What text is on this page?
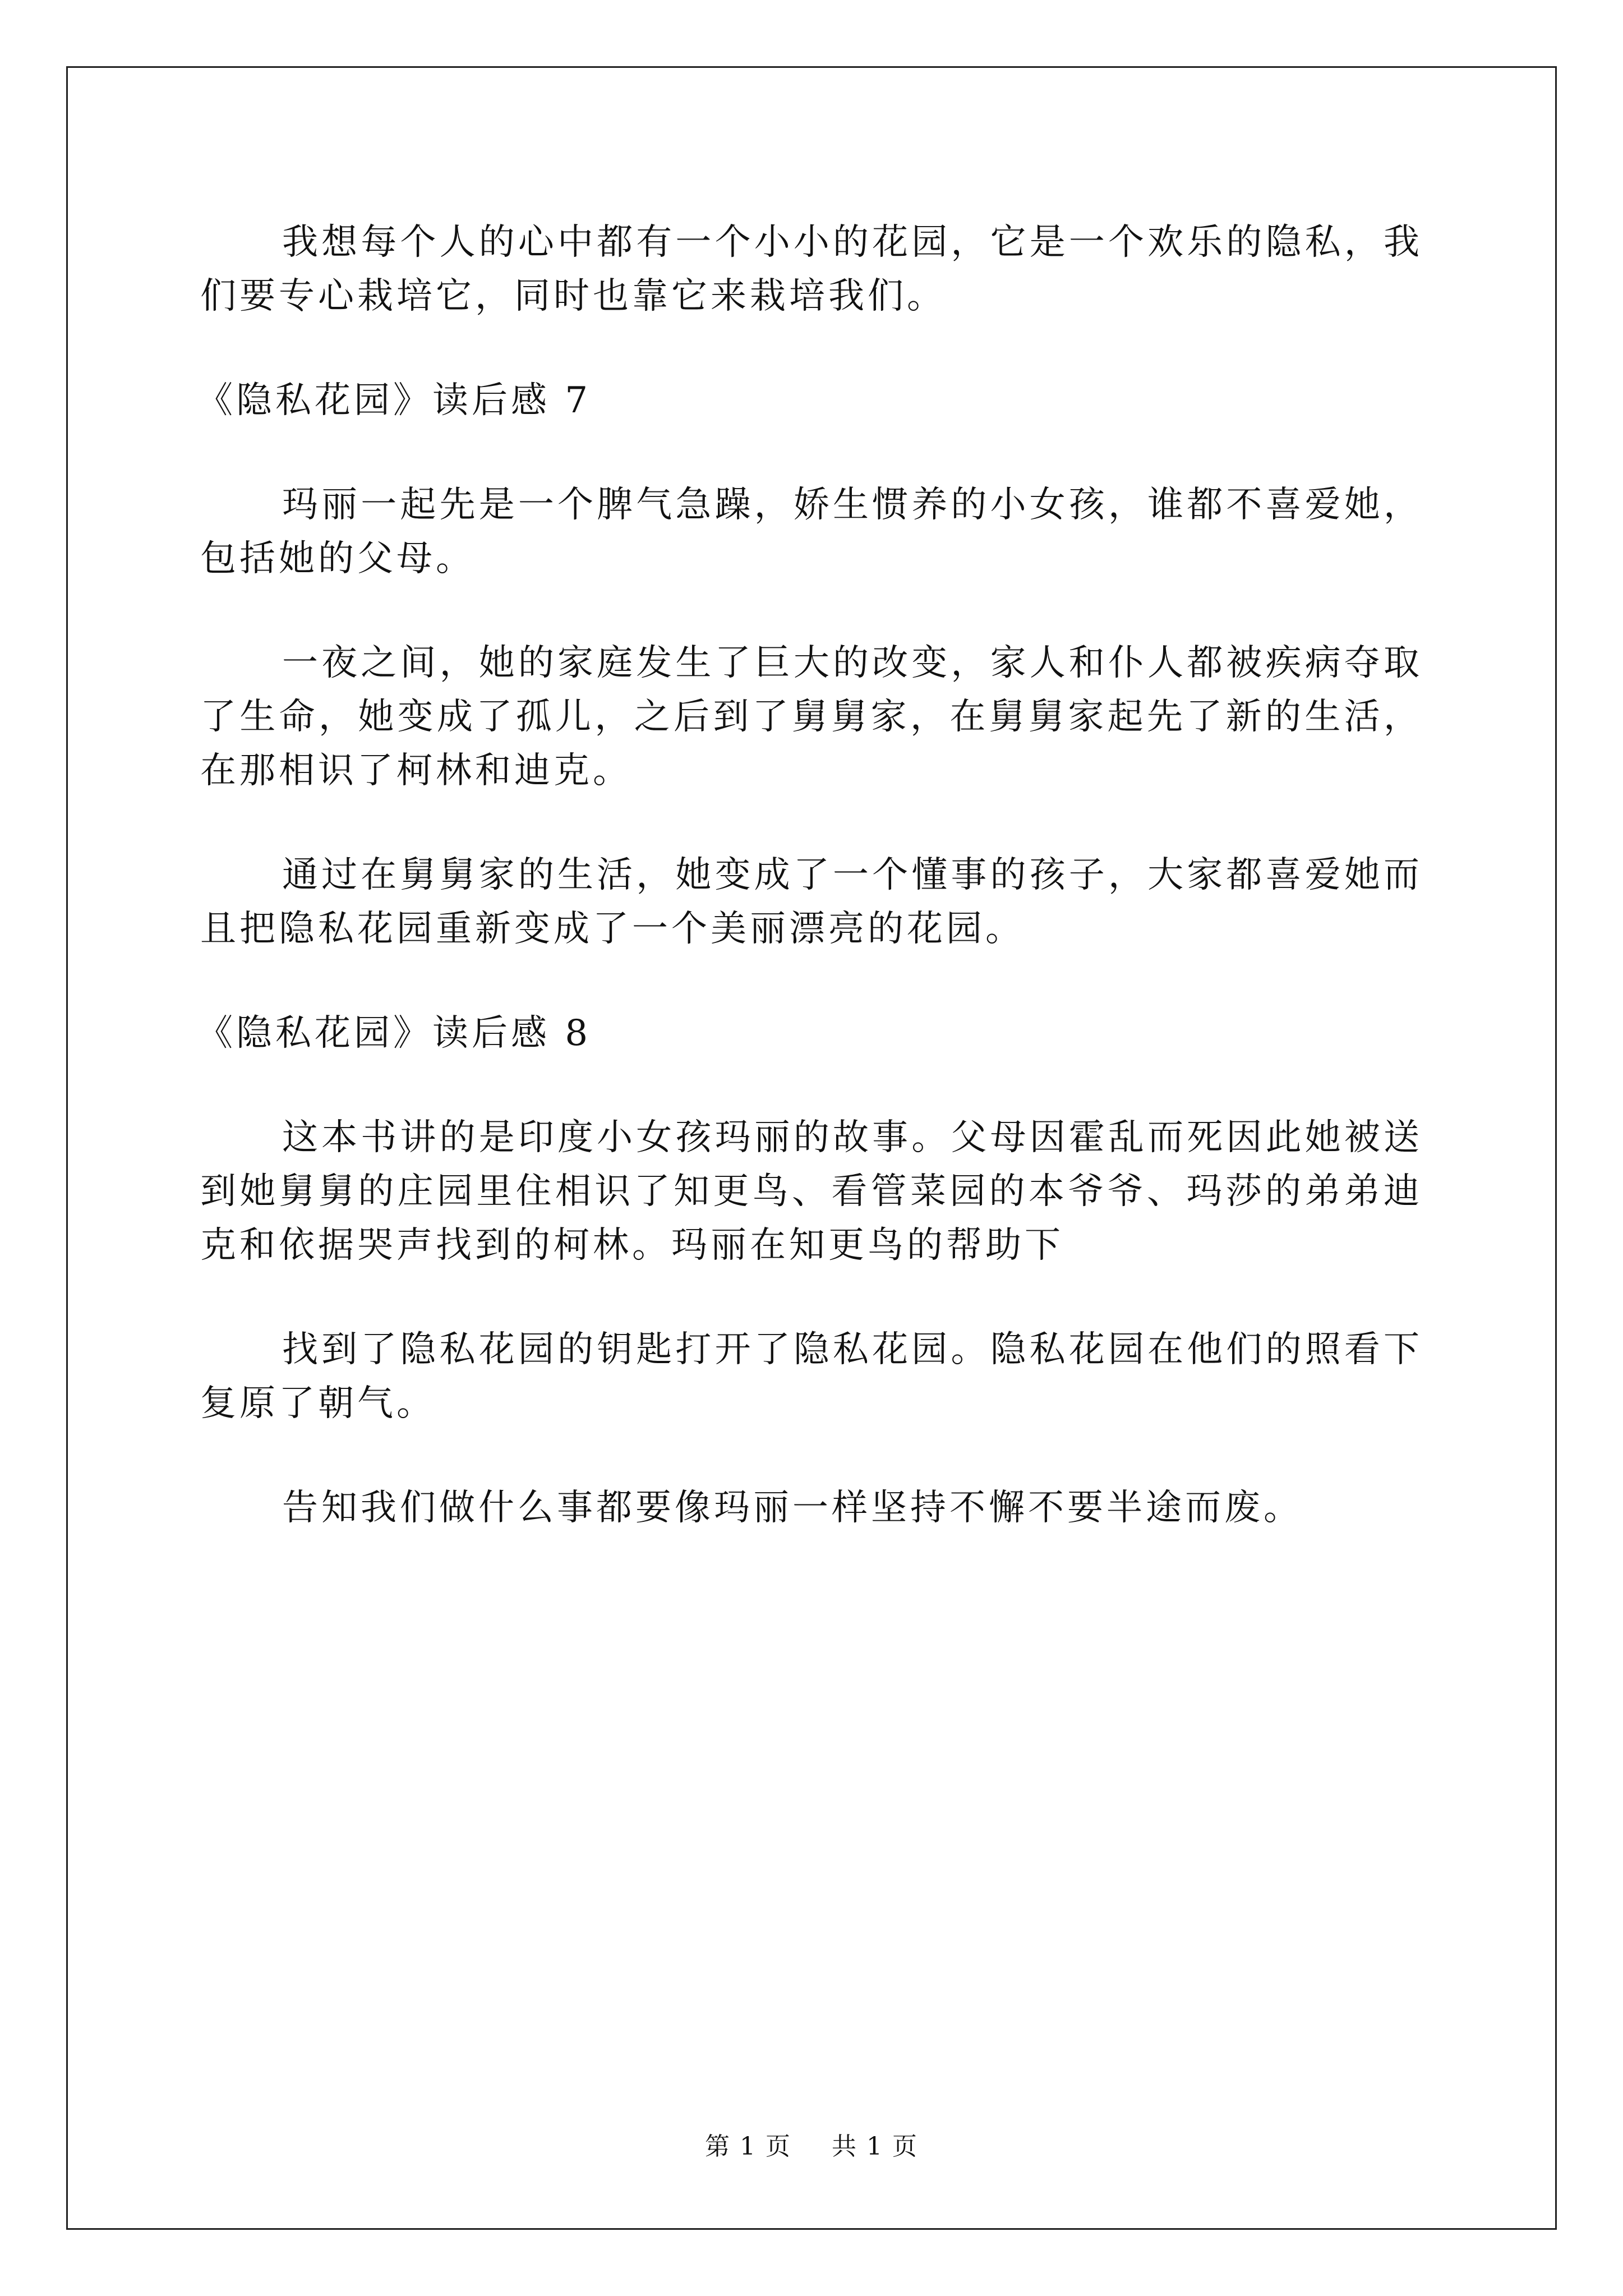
我想每个人的心中都有一个小小的花园，它是一个欢乐的隐私，我们要专心栽培它，同时也靠它来栽培我们。

《隐私花园》读后感 7

玛丽一起先是一个脾气急躁，娇生惯养的小女孩，谁都不喜爱她，包括她的父母。

一夜之间，她的家庭发生了巨大的改变，家人和仆人都被疾病夺取了生命，她变成了孤儿，之后到了舅舅家，在舅舅家起先了新的生活，在那相识了柯林和迪克。

通过在舅舅家的生活，她变成了一个懂事的孩子，大家都喜爱她而且把隐私花园重新变成了一个美丽漂亮的花园。

《隐私花园》读后感 8

这本书讲的是印度小女孩玛丽的故事。父母因霍乱而死因此她被送到她舅舅的庄园里住相识了知更鸟、看管菜园的本爷爷、玛莎的弟弟迪克和依据哭声找到的柯林。玛丽在知更鸟的帮助下

找到了隐私花园的钥匙打开了隐私花园。隐私花园在他们的照看下复原了朝气。

告知我们做什么事都要像玛丽一样坚持不懈不要半途而废。

第 1 页 共 1 页
